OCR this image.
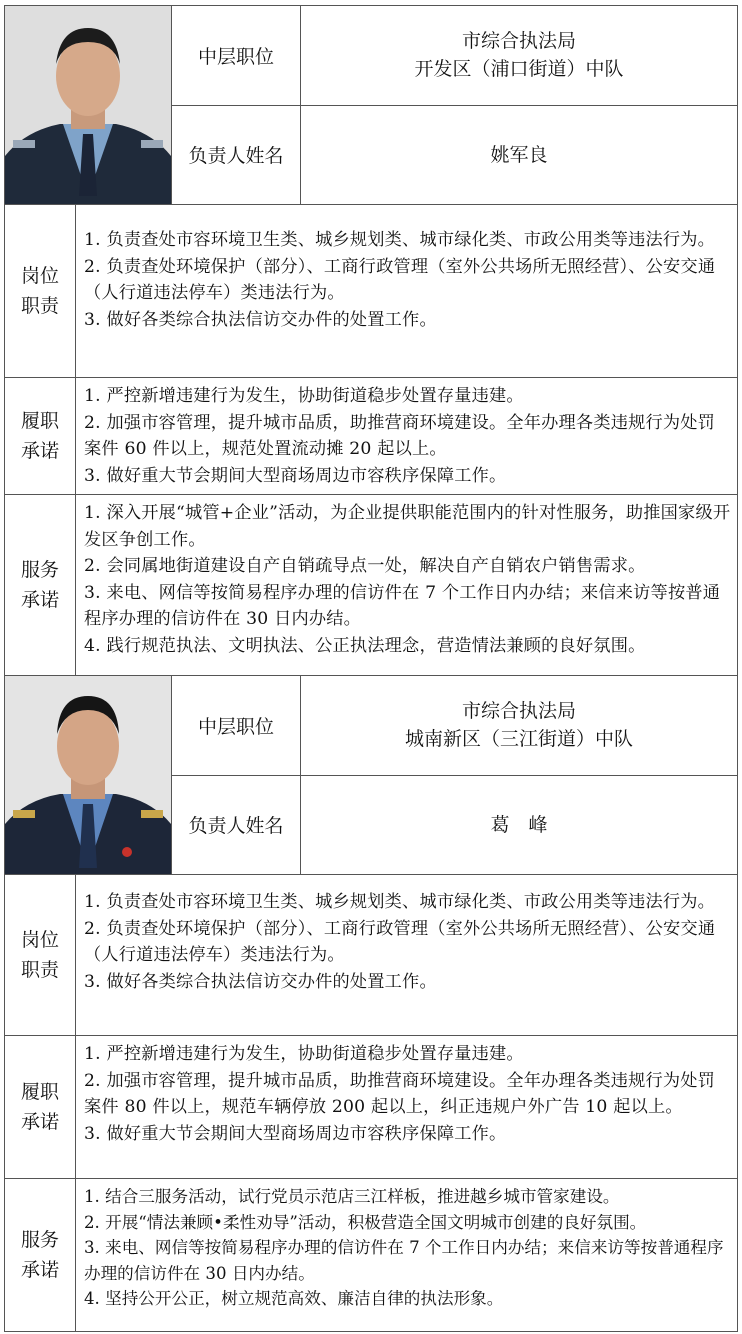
中层职位
市综合执法局
开发区（浦口街道）中队
负责人姓名	姚军良
岗位
职责

1. 负责查处市容环境卫生类、城乡规划类、城市绿化类、市政公用类等违法行为。

2. 负责查处环境保护（部分）、工商行政管理（室外公共场所无照经营）、公安交通（人行道违法停车）类违法行为。

3. 做好各类综合执法信访交办件的处置工作。

履职
承诺

1. 严控新增违建行为发生，协助街道稳步处置存量违建。

2. 加强市容管理，提升城市品质，助推营商环境建设。全年办理各类违规行为处罚案件 60 件以上，规范处置流动摊 20 起以上。

3. 做好重大节会期间大型商场周边市容秩序保障工作。

服务
承诺

1. 深入开展“城管+企业”活动，为企业提供职能范围内的针对性服务，助推国家级开发区争创工作。

2. 会同属地街道建设自产自销疏导点一处，解决自产自销农户销售需求。

3. 来电、网信等按简易程序办理的信访件在 7 个工作日内办结；来信来访等按普通程序办理的信访件在 30 日内办结。

4. 践行规范执法、文明执法、公正执法理念，营造情法兼顾的良好氛围。

中层职位
市综合执法局
城南新区（三江街道）中队
负责人姓名	葛　峰
岗位
职责

1. 负责查处市容环境卫生类、城乡规划类、城市绿化类、市政公用类等违法行为。

2. 负责查处环境保护（部分）、工商行政管理（室外公共场所无照经营）、公安交通（人行道违法停车）类违法行为。

3. 做好各类综合执法信访交办件的处置工作。

履职
承诺

1. 严控新增违建行为发生，协助街道稳步处置存量违建。

2. 加强市容管理，提升城市品质，助推营商环境建设。全年办理各类违规行为处罚案件 80 件以上，规范车辆停放 200 起以上，纠正违规户外广告 10 起以上。

3. 做好重大节会期间大型商场周边市容秩序保障工作。

服务
承诺

1. 结合三服务活动，试行党员示范店三江样板，推进越乡城市管家建设。

2. 开展“情法兼顾•柔性劝导”活动，积极营造全国文明城市创建的良好氛围。

3. 来电、网信等按简易程序办理的信访件在 7 个工作日内办结；来信来访等按普通程序办理的信访件在 30 日内办结。

4. 坚持公开公正，树立规范高效、廉洁自律的执法形象。
